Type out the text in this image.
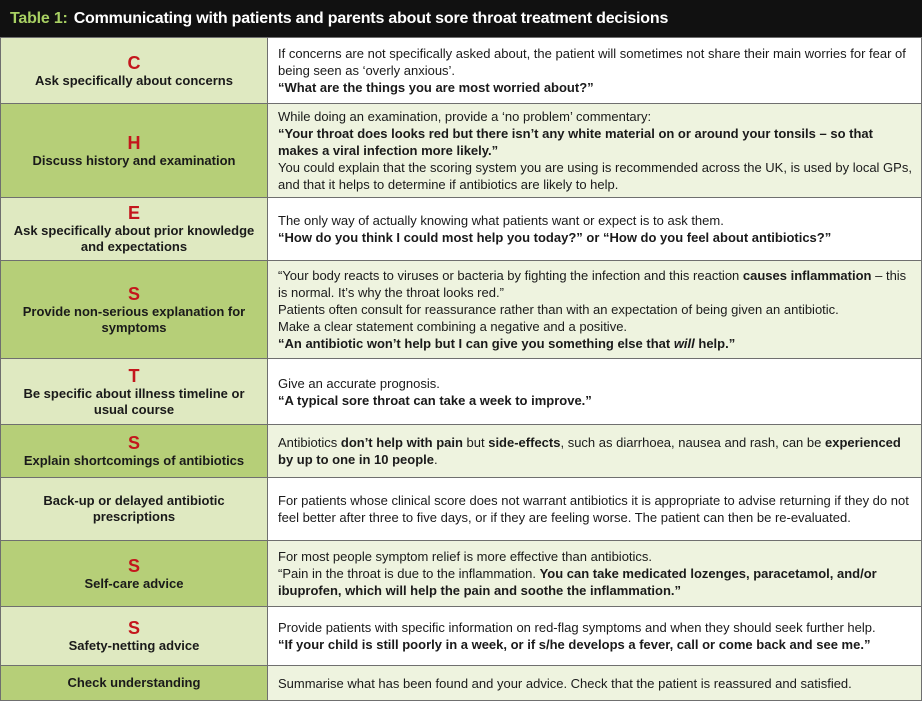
Table 1: Communicating with patients and parents about sore throat treatment decisions
C
Ask specifically about concerns	If concerns are not specifically asked about, the patient will sometimes not share their main worries for fear of being seen as ‘overly anxious’.
“What are the things you are most worried about?”

H
Discuss history and examination	While doing an examination, provide a ‘no problem’ commentary:
“Your throat does looks red but there isn’t any white material on or around your tonsils – so that makes a viral infection more likely.”
You could explain that the scoring system you are using is recommended across the UK, is used by local GPs, and that it helps to determine if antibiotics are likely to help.

E
Ask specifically about prior knowledge and expectations	The only way of actually knowing what patients want or expect is to ask them.
“How do you think I could most help you today?” or “How do you feel about antibiotics?”

S
Provide non-serious explanation for symptoms	“Your body reacts to viruses or bacteria by fighting the infection and this reaction causes inflammation – this is normal. It’s why the throat looks red.”
Patients often consult for reassurance rather than with an expectation of being given an antibiotic.
Make a clear statement combining a negative and a positive.
“An antibiotic won’t help but I can give you something else that will help.”

T
Be specific about illness timeline or usual course	Give an accurate prognosis.
“A typical sore throat can take a week to improve.”

S
Explain shortcomings of antibiotics	Antibiotics don’t help with pain but side-effects, such as diarrhoea, nausea and rash, can be experienced by up to one in 10 people.

Back-up or delayed antibiotic prescriptions	For patients whose clinical score does not warrant antibiotics it is appropriate to advise returning if they do not feel better after three to five days, or if they are feeling worse. The patient can then be re-evaluated.

S
Self-care advice	For most people symptom relief is more effective than antibiotics.
“Pain in the throat is due to the inflammation. You can take medicated lozenges, paracetamol, and/or ibuprofen, which will help the pain and soothe the inflammation.”

S
Safety-netting advice	Provide patients with specific information on red-flag symptoms and when they should seek further help.
“If your child is still poorly in a week, or if s/he develops a fever, call or come back and see me.”

Check understanding	Summarise what has been found and your advice. Check that the patient is reassured and satisfied.
